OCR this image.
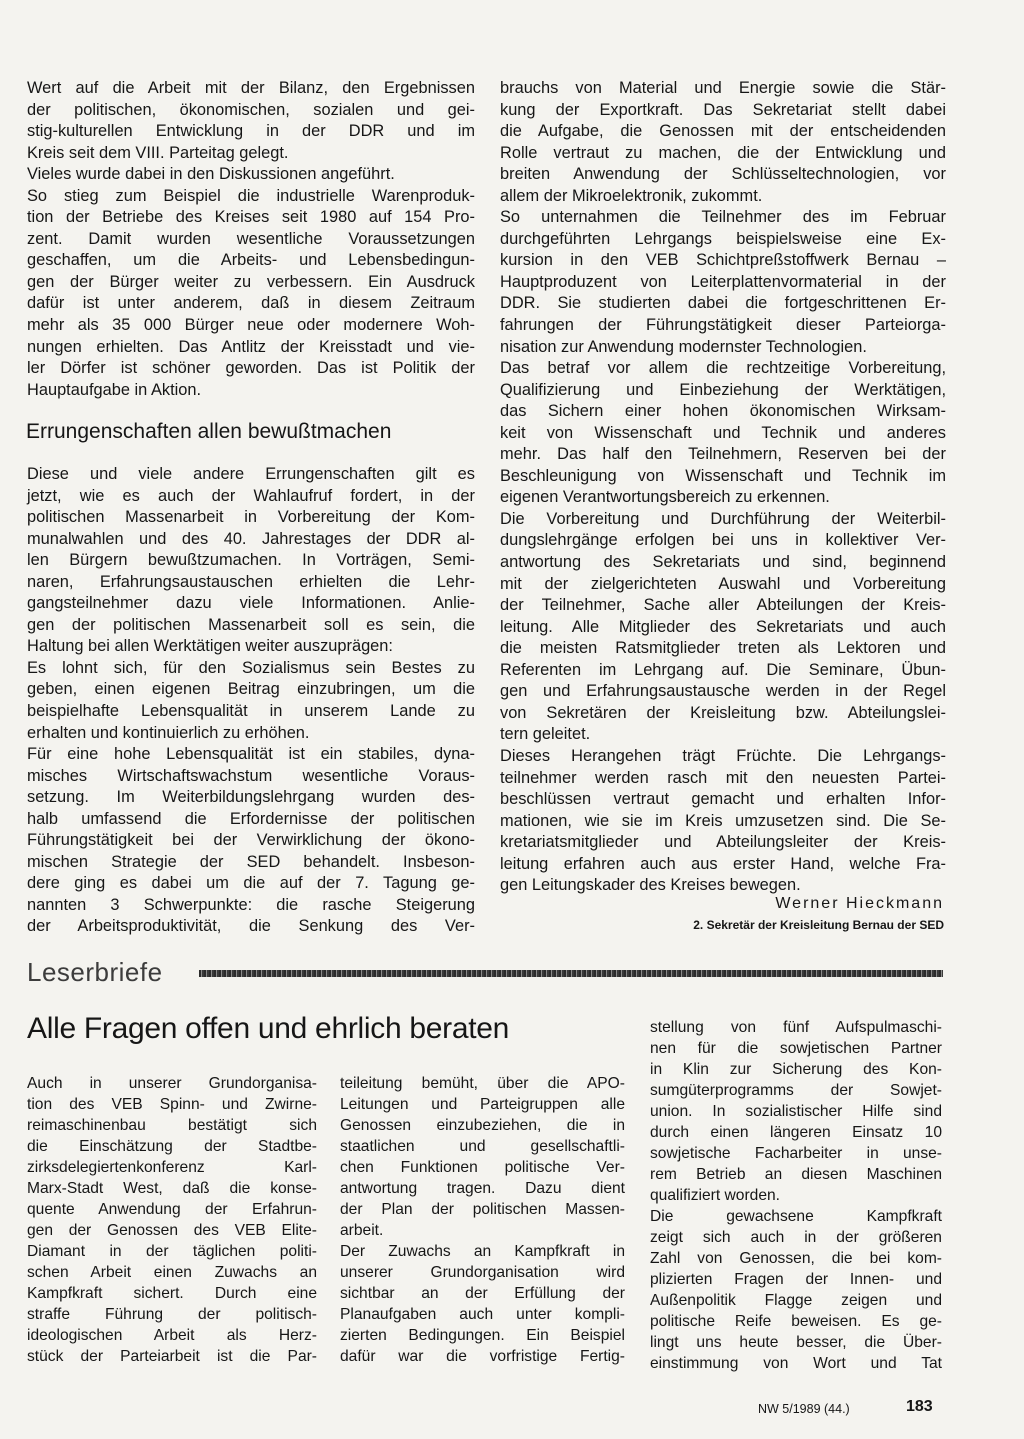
Wert auf die Arbeit mit der Bilanz, den Ergebnissen

der politischen, ökonomischen, sozialen und gei-

stig-kulturellen Entwicklung in der DDR und im

Kreis seit dem VIII. Parteitag gelegt.

Vieles wurde dabei in den Diskussionen angeführt.

So stieg zum Beispiel die industrielle Warenproduk-

tion der Betriebe des Kreises seit 1980 auf 154 Pro-

zent. Damit wurden wesentliche Voraussetzungen

geschaffen, um die Arbeits- und Lebensbedingun-

gen der Bürger weiter zu verbessern. Ein Ausdruck

dafür ist unter anderem, daß in diesem Zeitraum

mehr als 35 000 Bürger neue oder modernere Woh-

nungen erhielten. Das Antlitz der Kreisstadt und vie-

ler Dörfer ist schöner geworden. Das ist Politik der

Hauptaufgabe in Aktion.

Errungenschaften allen bewußtmachen

Diese und viele andere Errungenschaften gilt es

jetzt, wie es auch der Wahlaufruf fordert, in der

politischen Massenarbeit in Vorbereitung der Kom-

munalwahlen und des 40. Jahrestages der DDR al-

len Bürgern bewußtzumachen. In Vorträgen, Semi-

naren, Erfahrungsaustauschen erhielten die Lehr-

gangsteilnehmer dazu viele Informationen. Anlie-

gen der politischen Massenarbeit soll es sein, die

Haltung bei allen Werktätigen weiter auszuprägen:

Es lohnt sich, für den Sozialismus sein Bestes zu

geben, einen eigenen Beitrag einzubringen, um die

beispielhafte Lebensqualität in unserem Lande zu

erhalten und kontinuierlich zu erhöhen.

Für eine hohe Lebensqualität ist ein stabiles, dyna-

misches Wirtschaftswachstum wesentliche Voraus-

setzung. Im Weiterbildungslehrgang wurden des-

halb umfassend die Erfordernisse der politischen

Führungstätigkeit bei der Verwirklichung der ökono-

mischen Strategie der SED behandelt. Insbeson-

dere ging es dabei um die auf der 7. Tagung ge-

nannten 3 Schwerpunkte: die rasche Steigerung

der Arbeitsproduktivität, die Senkung des Ver-

brauchs von Material und Energie sowie die Stär-

kung der Exportkraft. Das Sekretariat stellt dabei

die Aufgabe, die Genossen mit der entscheidenden

Rolle vertraut zu machen, die der Entwicklung und

breiten Anwendung der Schlüsseltechnologien, vor

allem der Mikroelektronik, zukommt.

So unternahmen die Teilnehmer des im Februar

durchgeführten Lehrgangs beispielsweise eine Ex-

kursion in den VEB Schichtpreßstoffwerk Bernau –

Hauptproduzent von Leiterplattenvormaterial in der

DDR. Sie studierten dabei die fortgeschrittenen Er-

fahrungen der Führungstätigkeit dieser Parteiorga-

nisation zur Anwendung modernster Technologien.

Das betraf vor allem die rechtzeitige Vorbereitung,

Qualifizierung und Einbeziehung der Werktätigen,

das Sichern einer hohen ökonomischen Wirksam-

keit von Wissenschaft und Technik und anderes

mehr. Das half den Teilnehmern, Reserven bei der

Beschleunigung von Wissenschaft und Technik im

eigenen Verantwortungsbereich zu erkennen.

Die Vorbereitung und Durchführung der Weiterbil-

dungslehrgänge erfolgen bei uns in kollektiver Ver-

antwortung des Sekretariats und sind, beginnend

mit der zielgerichteten Auswahl und Vorbereitung

der Teilnehmer, Sache aller Abteilungen der Kreis-

leitung. Alle Mitglieder des Sekretariats und auch

die meisten Ratsmitglieder treten als Lektoren und

Referenten im Lehrgang auf. Die Seminare, Übun-

gen und Erfahrungsaustausche werden in der Regel

von Sekretären der Kreisleitung bzw. Abteilungslei-

tern geleitet.

Dieses Herangehen trägt Früchte. Die Lehrgangs-

teilnehmer werden rasch mit den neuesten Partei-

beschlüssen vertraut gemacht und erhalten Infor-

mationen, wie sie im Kreis umzusetzen sind. Die Se-

kretariatsmitglieder und Abteilungsleiter der Kreis-

leitung erfahren auch aus erster Hand, welche Fra-

gen Leitungskader des Kreises bewegen.

Werner Hieckmann
2. Sekretär der Kreisleitung Bernau der SED
Leserbriefe
Alle Fragen offen und ehrlich beraten

Auch in unserer Grundorganisa-

tion des VEB Spinn- und Zwirne-

reimaschinenbau bestätigt sich

die Einschätzung der Stadtbe-

zirksdelegiertenkonferenz Karl-

Marx-Stadt West, daß die konse-

quente Anwendung der Erfahrun-

gen der Genossen des VEB Elite-

Diamant in der täglichen politi-

schen Arbeit einen Zuwachs an

Kampfkraft sichert. Durch eine

straffe Führung der politisch-

ideologischen Arbeit als Herz-

stück der Parteiarbeit ist die Par-

teileitung bemüht, über die APO-

Leitungen und Parteigruppen alle

Genossen einzubeziehen, die in

staatlichen und gesellschaftli-

chen Funktionen politische Ver-

antwortung tragen. Dazu dient

der Plan der politischen Massen-

arbeit.

Der Zuwachs an Kampfkraft in

unserer Grundorganisation wird

sichtbar an der Erfüllung der

Planaufgaben auch unter kompli-

zierten Bedingungen. Ein Beispiel

dafür war die vorfristige Fertig-

stellung von fünf Aufspulmaschi-

nen für die sowjetischen Partner

in Klin zur Sicherung des Kon-

sumgüterprogramms der Sowjet-

union. In sozialistischer Hilfe sind

durch einen längeren Einsatz 10

sowjetische Facharbeiter in unse-

rem Betrieb an diesen Maschinen

qualifiziert worden.

Die gewachsene Kampfkraft

zeigt sich auch in der größeren

Zahl von Genossen, die bei kom-

plizierten Fragen der Innen- und

Außenpolitik Flagge zeigen und

politische Reife beweisen. Es ge-

lingt uns heute besser, die Über-

einstimmung von Wort und Tat

NW 5/1989 (44.)	183
